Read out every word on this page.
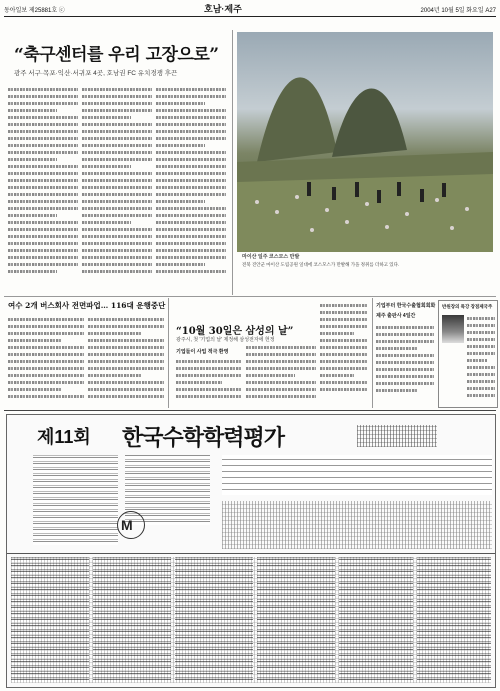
동아일보 제25881호 ⓒ	호남·제주	2004년 10월 5일 화요일 A27
“축구센터를 우리 고장으로”
광주 서구·목포·익산·서귀포 4곳, 호남권 FC 유치경쟁 후끈
마이산 일주 코스모스 만발
전북 진안군 마이산 도립공원 일대에 코스모스가 만발해 가을 정취를 더하고 있다.
여수 2개 버스회사 전면파업… 116대 운행중단
“10월 30일은 삼성의 날”
광주시, 첫 '기업의 날' 제정해 삼성전자에 헌정
기업들이 사업 적극 환영
기업부터 한국수출협회회화
제주 출판사 4일간
반원장의 특강 장점제국주
제11회 한국수학학력평가
M
